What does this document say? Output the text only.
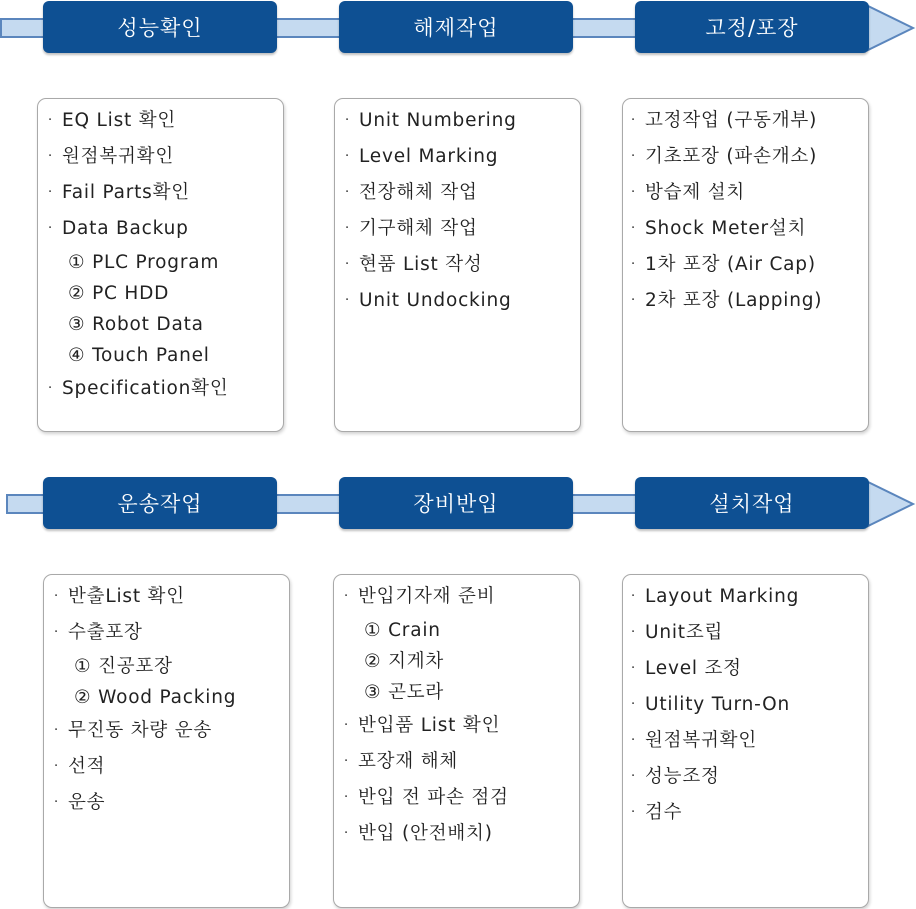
성능확인	해제작업	고정/포장
운송작업	장비반입	설치작업
· EQ List 확인
· 원점복귀확인
· Fail Parts확인
· Data Backup
① PLC Program
② PC HDD
③ Robot Data
④ Touch Panel
· Specification확인
· Unit Numbering
· Level Marking
· 전장해체 작업
· 기구해체 작업
· 현품 List 작성
· Unit Undocking
· 고정작업 (구동개부)
· 기초포장 (파손개소)
· 방습제 설치
· Shock Meter설치
· 1차 포장 (Air Cap)
· 2차 포장 (Lapping)
· 반출List 확인
· 수출포장
① 진공포장
② Wood Packing
· 무진동 차량 운송
· 선적
· 운송
· 반입기자재 준비
① Crain
② 지게차
③ 곤도라
· 반입품 List 확인
· 포장재 해체
· 반입 전 파손 점검
· 반입 (안전배치)
· Layout Marking
· Unit조립
· Level 조정
· Utility Turn-On
· 원점복귀확인
· 성능조정
· 검수
